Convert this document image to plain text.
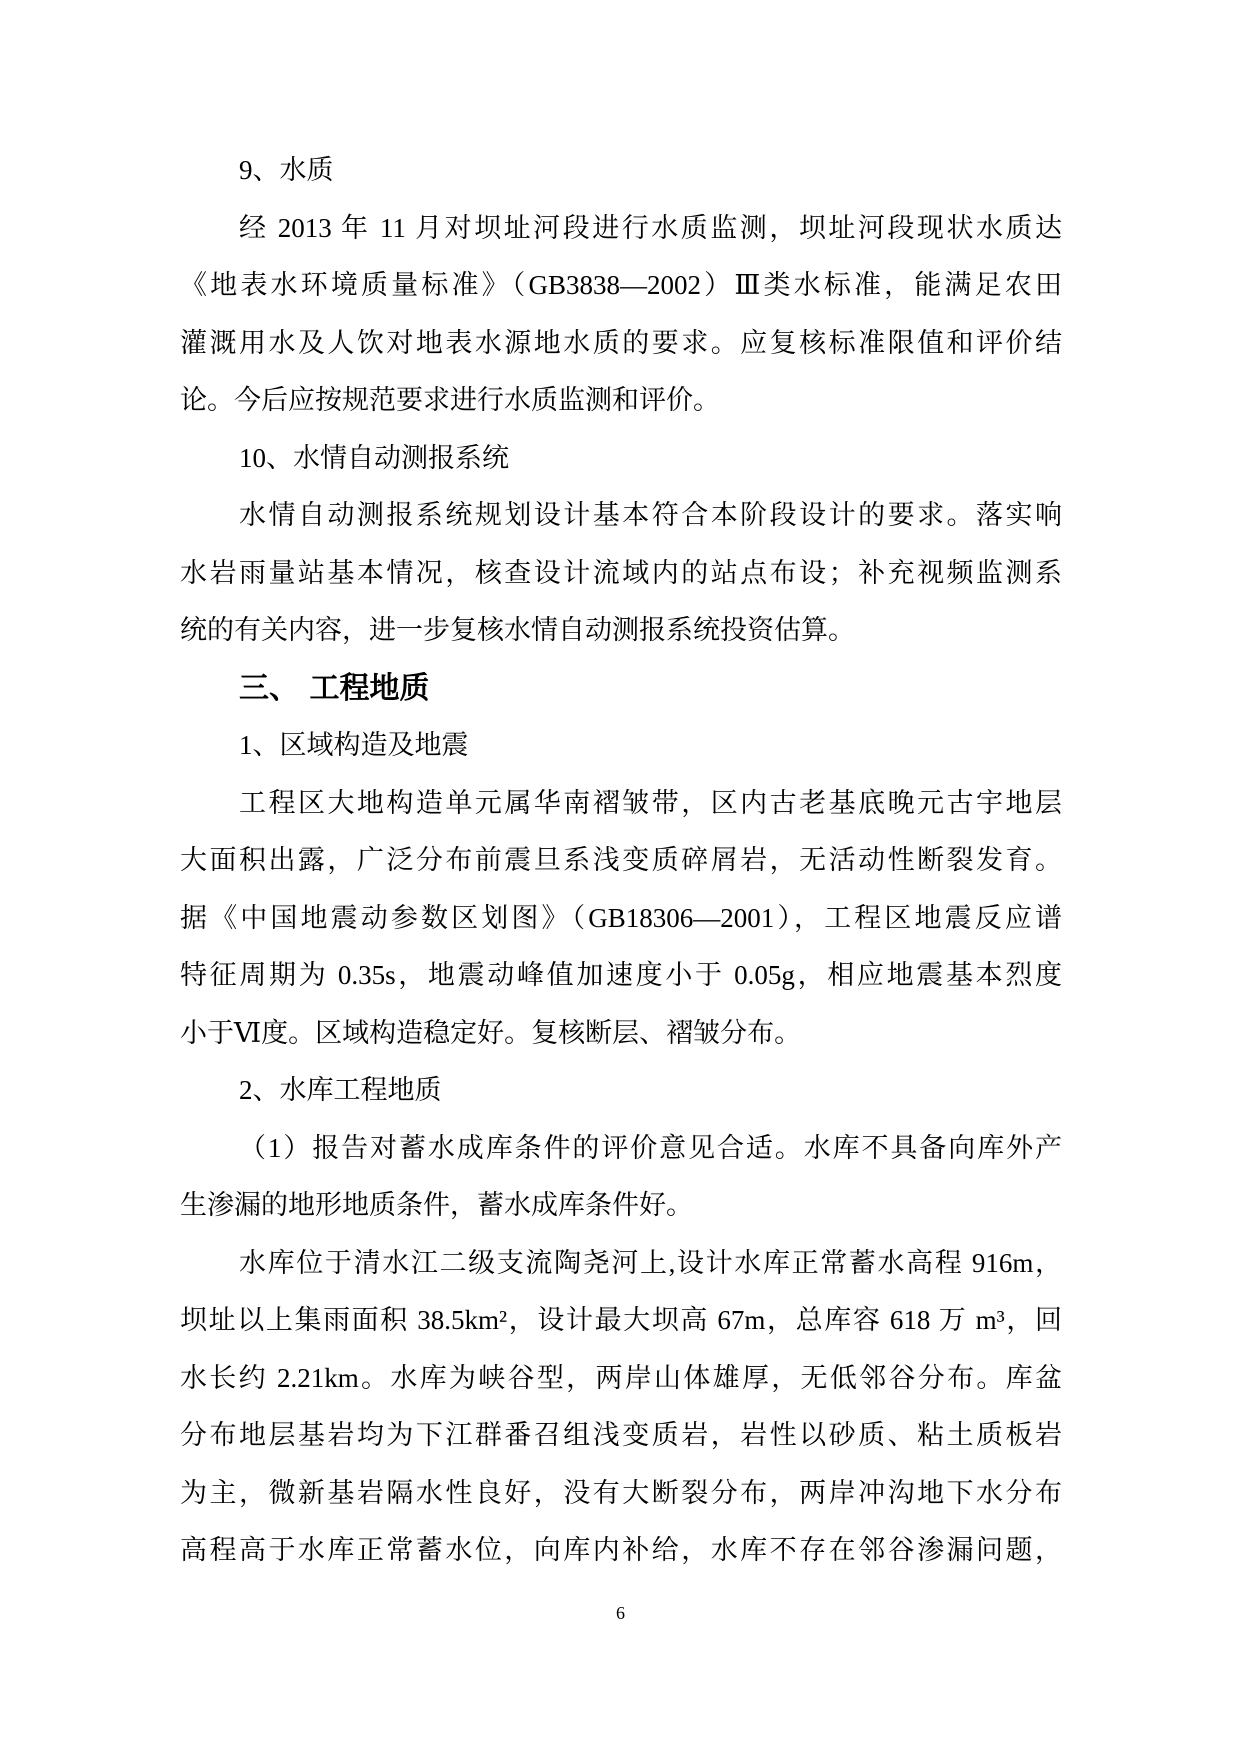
9、水质
经 2013 年 11 月对坝址河段进行水质监测，坝址河段现状水质达
《地表水环境质量标准》（GB3838—2002）Ⅲ类水标准，能满足农田
灌溉用水及人饮对地表水源地水质的要求。应复核标准限值和评价结
论。今后应按规范要求进行水质监测和评价。
10、水情自动测报系统
水情自动测报系统规划设计基本符合本阶段设计的要求。落实响
水岩雨量站基本情况，核查设计流域内的站点布设；补充视频监测系
统的有关内容，进一步复核水情自动测报系统投资估算。
三、 工程地质
1、区域构造及地震
工程区大地构造单元属华南褶皱带，区内古老基底晚元古宇地层
大面积出露，广泛分布前震旦系浅变质碎屑岩，无活动性断裂发育。
据《中国地震动参数区划图》（GB18306—2001），工程区地震反应谱
特征周期为 0.35s，地震动峰值加速度小于 0.05g，相应地震基本烈度
小于Ⅵ度。区域构造稳定好。复核断层、褶皱分布。
2、水库工程地质
（1）报告对蓄水成库条件的评价意见合适。水库不具备向库外产
生渗漏的地形地质条件，蓄水成库条件好。
水库位于清水江二级支流陶尧河上,设计水库正常蓄水高程 916m，
坝址以上集雨面积 38.5km²，设计最大坝高 67m，总库容 618 万 m³，回
水长约 2.21km。水库为峡谷型，两岸山体雄厚，无低邻谷分布。库盆
分布地层基岩均为下江群番召组浅变质岩，岩性以砂质、粘土质板岩
为主，微新基岩隔水性良好，没有大断裂分布，两岸冲沟地下水分布
高程高于水库正常蓄水位，向库内补给，水库不存在邻谷渗漏问题，
6
